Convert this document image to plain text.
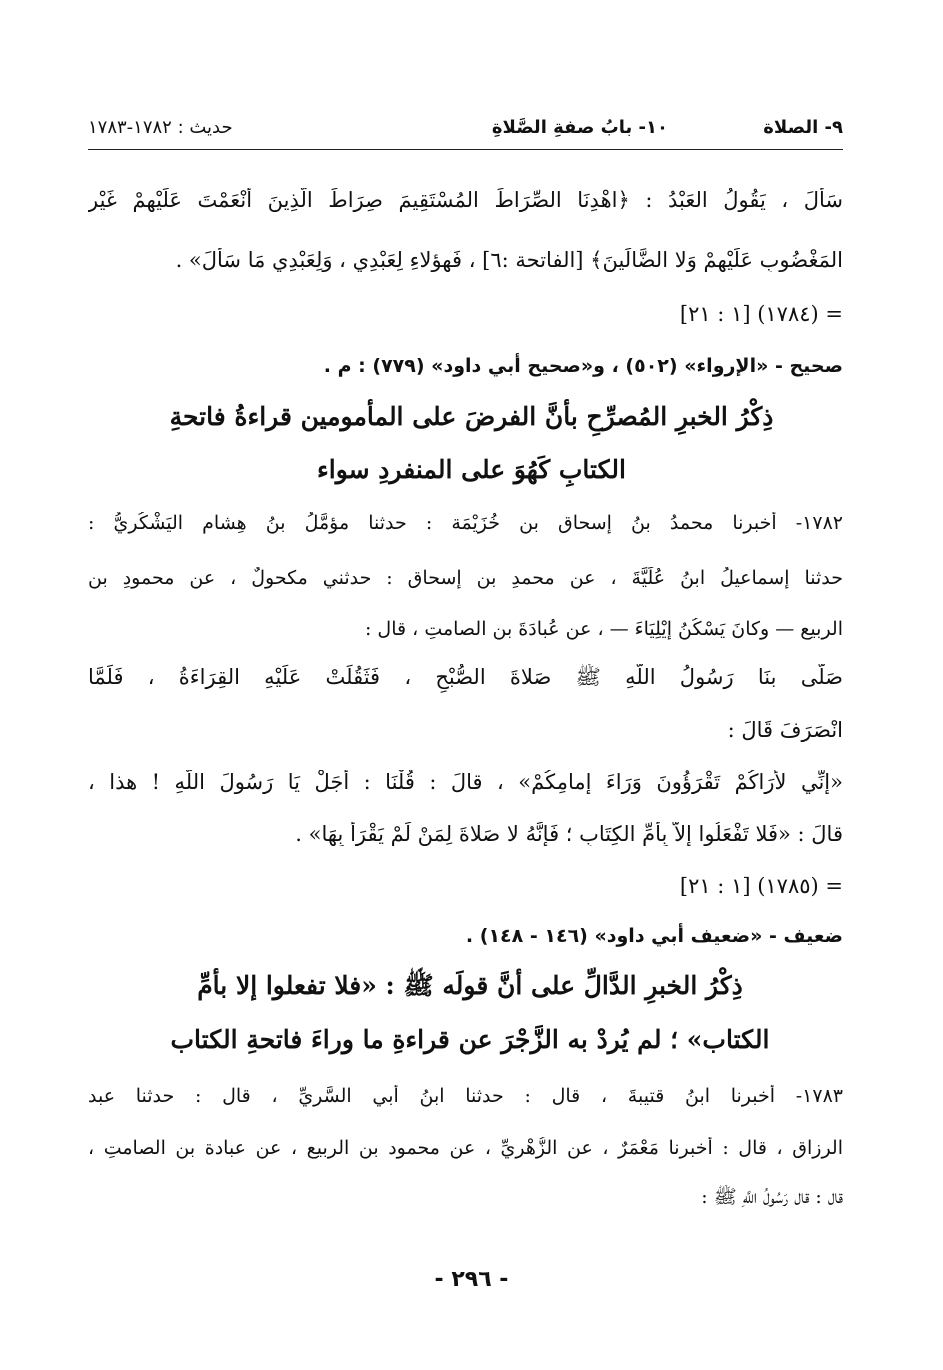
٩- الصلاة
١٠- بابُ صفةِ الصَّلاةِ
حديث : ١٧٨٢-١٧٨٣
سَأَلَ ، يَقُولُ العَبْدُ : ﴿اهْدِنَا الصِّرَاطَ المُسْتَقِيمَ صِرَاطَ الَّذِينَ أَنْعَمْتَ عَلَيْهِمْ غَيْرِ
المَغْضُوبِ عَلَيْهِمْ وَلا الضَّالِّينَ﴾ [الفاتحة :٦] ، فَهؤلاءِ لِعَبْدِي ، وَلِعَبْدِي مَا سَأَلَ» .
= (١٧٨٤) [١ : ٢١]
صحيح - «الإرواء» (٥٠٢) ، و«صحيح أبي داود» (٧٧٩) : م .
ذِكْرُ الخبرِ المُصرِّحِ بأنَّ الفرضَ على المأمومين قراءةُ فاتحةِ
الكتابِ كَهُوَ على المنفردِ سواء
١٧٨٢- أخبرنا محمدُ بنُ إسحاق بن خُزَيْمَة : حدثنا مؤمَّلُ بنُ هِشام اليَشْكُرِيُّ :
حدثنا إسماعيلُ ابنُ عُلَيَّةَ ، عن محمدِ بنِ إسحاق : حدثني مكحولٌ ، عن محمودِ بنِ
الربيع — وكانَ يَسْكُنُ إِيْلِيَاءَ — ، عن عُبادَةَ بنِ الصامتِ ، قال :
صَلَّى بنَا رَسُولُ اللَّهِ ﷺ صَلاةَ الصُّبْحِ ، فَثَقُلَتْ عَلَيْهِ القِرَاءَةُ ، فَلَمَّا
انْصَرَفَ قَالَ :
«إِنِّي لأَرَاكُمْ تَقْرَؤُونَ وَرَاءَ إمامِكُمْ» ، قالَ : قُلْنَا : أَجَلْ يَا رَسُولَ اللَّهِ ! هذا ،
قالَ : «فَلا تَفْعَلُوا إِلاَّ بِأُمِّ الكِتَابِ ؛ فَإِنَّهُ لا صَلاةَ لِمَنْ لَمْ يَقْرَأْ بِهَا» .
= (١٧٨٥) [١ : ٢١]
ضعيف - «ضعيف أبي داود» (١٤٦ - ١٤٨) .
ذِكْرُ الخبرِ الدَّالِّ على أنَّ قولَه ﷺ : «فلا تفعلوا إلا بأمِّ
الكتاب» ؛ لم يُردْ به الزَّجْرَ عن قراءةِ ما وراءَ فاتحةِ الكتاب
١٧٨٣- أخبرنا ابنُ قتيبةَ ، قال : حدثنا ابنُ أبي السَّرِيِّ ، قال : حدثنا عبد
الرزاق ، قال : أخبرنا مَعْمَرٌ ، عن الزُّهْرِيِّ ، عن محمود بن الربيع ، عن عبادة بن الصامتِ ،
قال : قال رَسُولُ اللَّهِ ﷺ :
- ٢٩٦ -
